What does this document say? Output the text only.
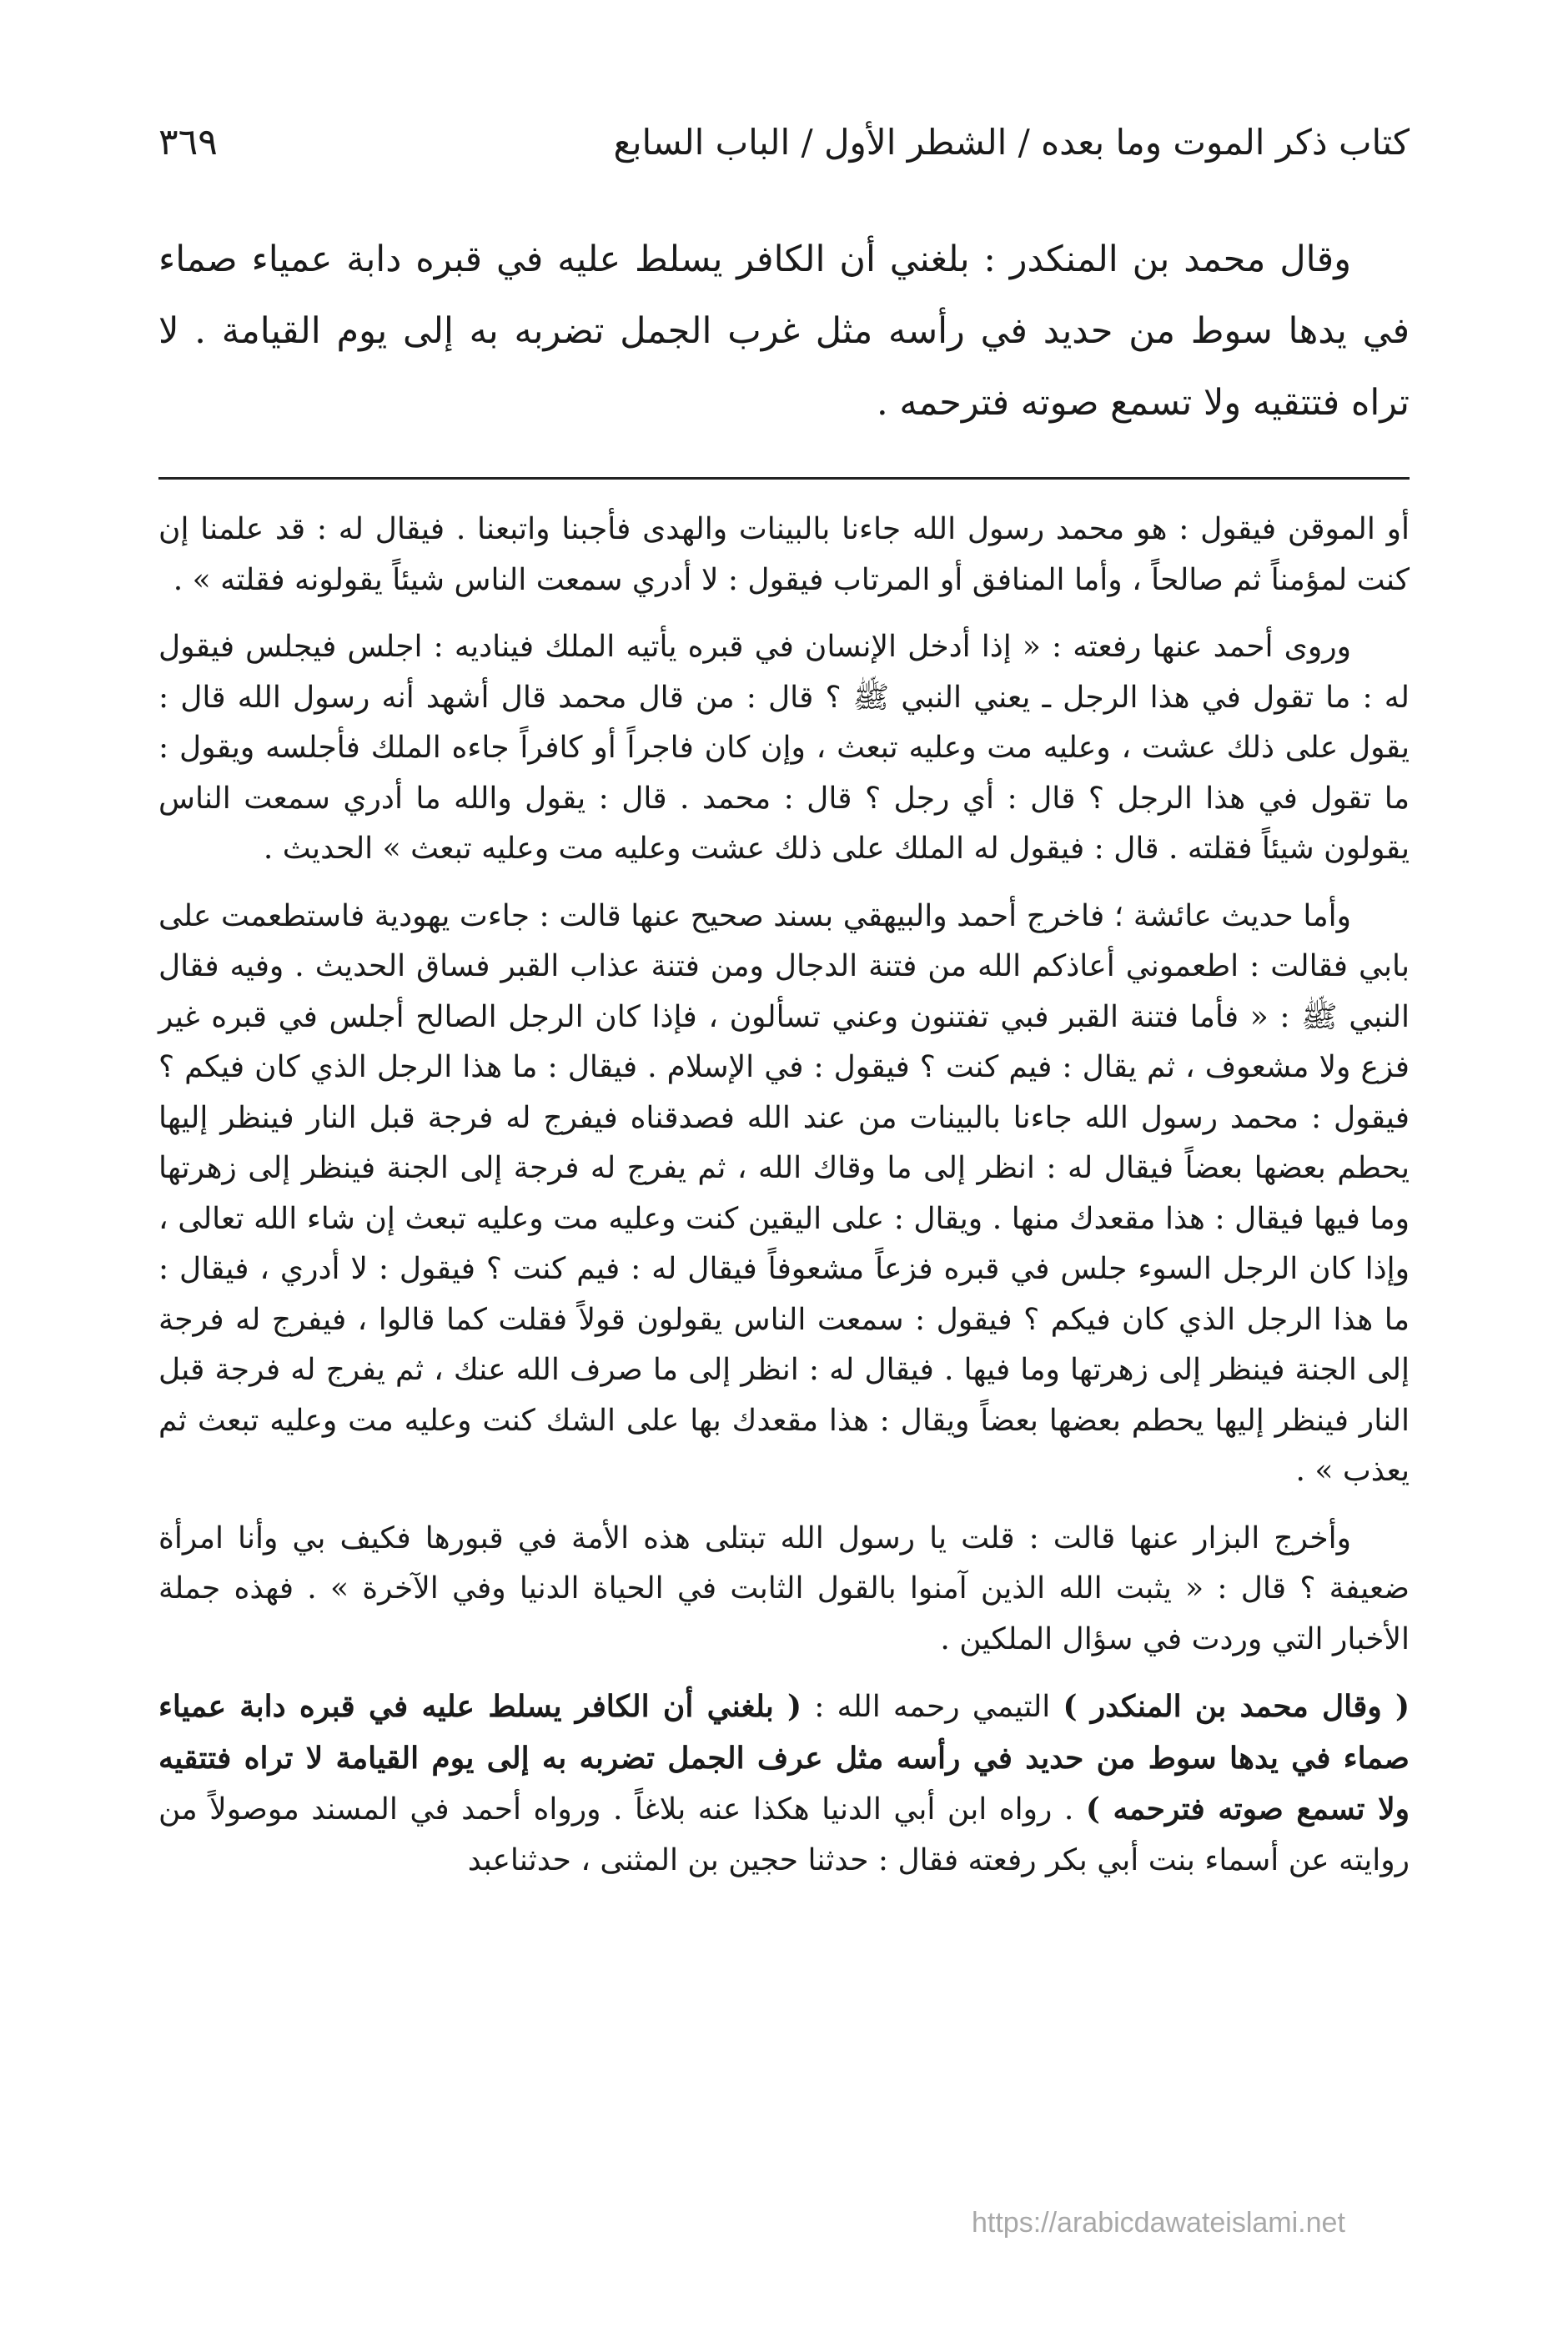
كتاب ذكر الموت وما بعده / الشطر الأول / الباب السابع
٣٦٩

وقال محمد بن المنكدر : بلغني أن الكافر يسلط عليه في قبره دابة عمياء صماء في يدها سوط من حديد في رأسه مثل غرب الجمل تضربه به إلى يوم القيامة . لا تراه فتتقيه ولا تسمع صوته فترحمه .

أو الموقن فيقول : هو محمد رسول الله جاءنا بالبينات والهدى فأجبنا واتبعنا . فيقال له : قد علمنا إن كنت لمؤمناً ثم صالحاً ، وأما المنافق أو المرتاب فيقول : لا أدري سمعت الناس شيئاً يقولونه فقلته » .

وروى أحمد عنها رفعته : « إذا أدخل الإنسان في قبره يأتيه الملك فيناديه : اجلس فيجلس فيقول له : ما تقول في هذا الرجل ـ يعني النبي ﷺ ؟ قال : من قال محمد قال أشهد أنه رسول الله قال : يقول على ذلك عشت ، وعليه مت وعليه تبعث ، وإن كان فاجراً أو كافراً جاءه الملك فأجلسه ويقول : ما تقول في هذا الرجل ؟ قال : أي رجل ؟ قال : محمد . قال : يقول والله ما أدري سمعت الناس يقولون شيئاً فقلته . قال : فيقول له الملك على ذلك عشت وعليه مت وعليه تبعث » الحديث .

وأما حديث عائشة ؛ فاخرج أحمد والبيهقي بسند صحيح عنها قالت : جاءت يهودية فاستطعمت على بابي فقالت : اطعموني أعاذكم الله من فتنة الدجال ومن فتنة عذاب القبر فساق الحديث . وفيه فقال النبي ﷺ : « فأما فتنة القبر فبي تفتنون وعني تسألون ، فإذا كان الرجل الصالح أجلس في قبره غير فزع ولا مشعوف ، ثم يقال : فيم كنت ؟ فيقول : في الإسلام . فيقال : ما هذا الرجل الذي كان فيكم ؟ فيقول : محمد رسول الله جاءنا بالبينات من عند الله فصدقناه فيفرج له فرجة قبل النار فينظر إليها يحطم بعضها بعضاً فيقال له : انظر إلى ما وقاك الله ، ثم يفرج له فرجة إلى الجنة فينظر إلى زهرتها وما فيها فيقال : هذا مقعدك منها . ويقال : على اليقين كنت وعليه مت وعليه تبعث إن شاء الله تعالى ، وإذا كان الرجل السوء جلس في قبره فزعاً مشعوفاً فيقال له : فيم كنت ؟ فيقول : لا أدري ، فيقال : ما هذا الرجل الذي كان فيكم ؟ فيقول : سمعت الناس يقولون قولاً فقلت كما قالوا ، فيفرج له فرجة إلى الجنة فينظر إلى زهرتها وما فيها . فيقال له : انظر إلى ما صرف الله عنك ، ثم يفرج له فرجة قبل النار فينظر إليها يحطم بعضها بعضاً ويقال : هذا مقعدك بها على الشك كنت وعليه مت وعليه تبعث ثم يعذب » .

وأخرج البزار عنها قالت : قلت يا رسول الله تبتلى هذه الأمة في قبورها فكيف بي وأنا امرأة ضعيفة ؟ قال : « يثبت الله الذين آمنوا بالقول الثابت في الحياة الدنيا وفي الآخرة » . فهذه جملة الأخبار التي وردت في سؤال الملكين .

( وقال محمد بن المنكدر ) التيمي رحمه الله : ( بلغني أن الكافر يسلط عليه في قبره دابة عمياء صماء في يدها سوط من حديد في رأسه مثل عرف الجمل تضربه به إلى يوم القيامة لا تراه فتتقيه ولا تسمع صوته فترحمه ) . رواه ابن أبي الدنيا هكذا عنه بلاغاً . ورواه أحمد في المسند موصولاً من روايته عن أسماء بنت أبي بكر رفعته فقال : حدثنا حجين بن المثنى ، حدثناعبد

https://arabicdawateislami.net
